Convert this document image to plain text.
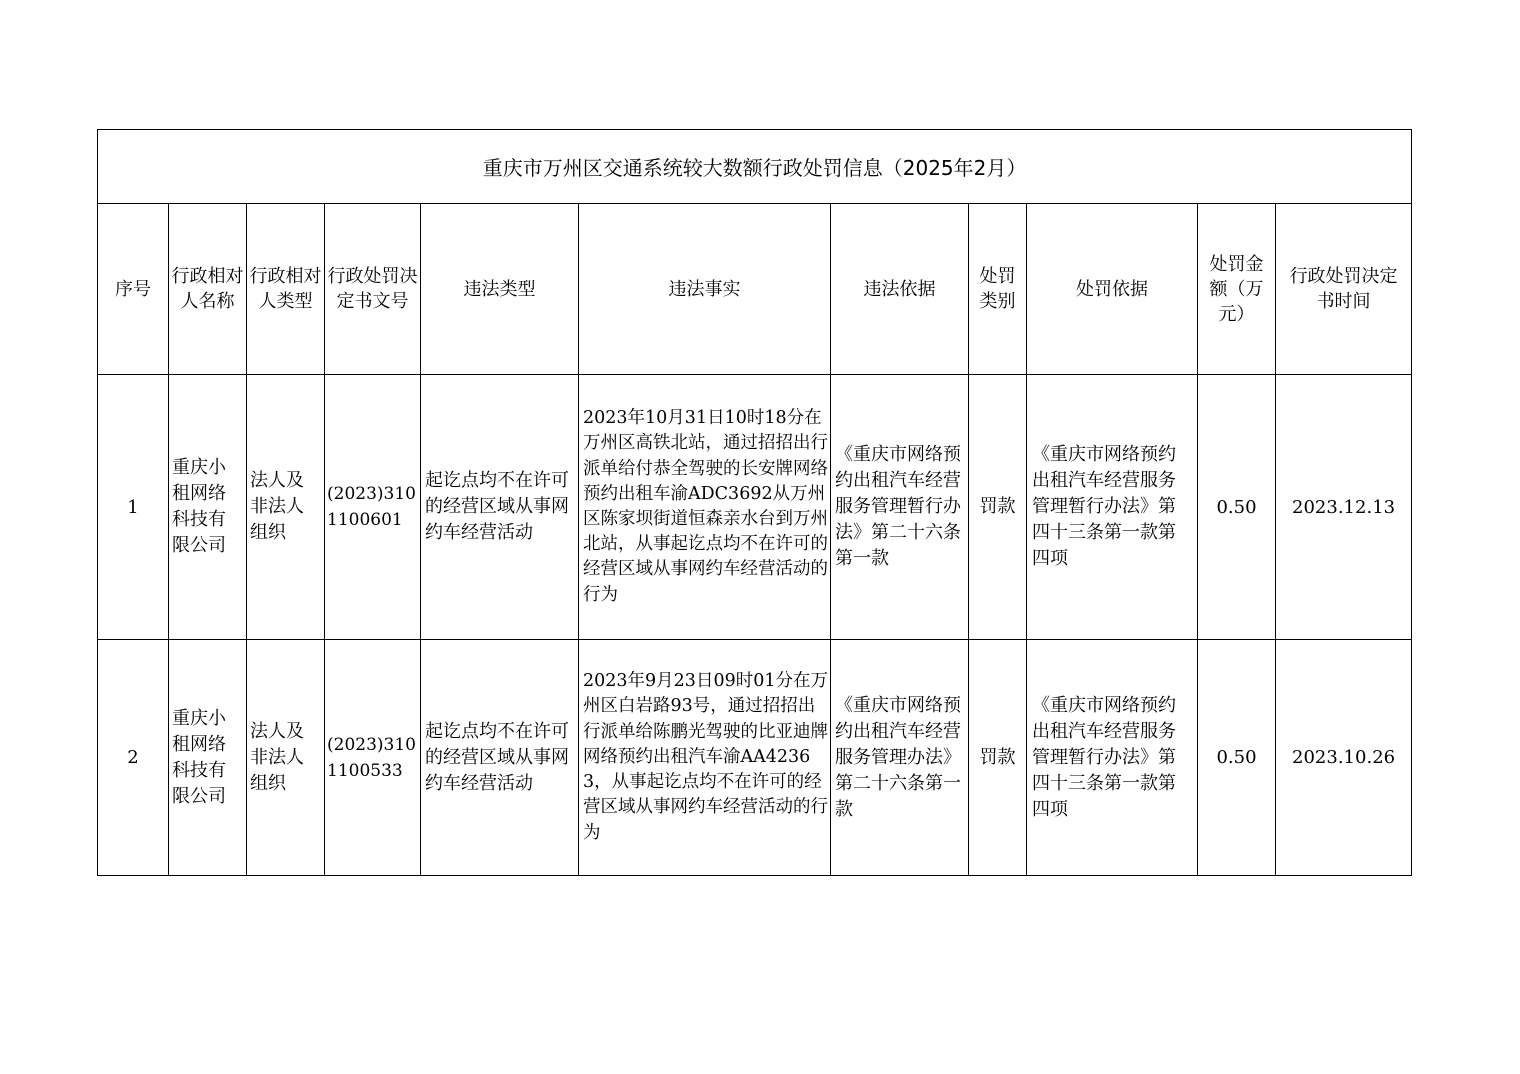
重庆市万州区交通系统较大数额行政处罚信息（2025年2月）										
序号	行政相对人名称	行政相对人类型	行政处罚决定书文号	违法类型	违法事实	违法依据	处罚类别	处罚依据	处罚金额（万元）	行政处罚决定书时间
1	重庆小租网络科技有限公司	法人及非法人组织	(2023)3101100601	起讫点均不在许可的经营区域从事网约车经营活动	2023年10月31日10时18分在万州区高铁北站，通过招招出行派单给付恭全驾驶的长安牌网络预约出租车渝ADC3692从万州区陈家坝街道恒森亲水台到万州北站，从事起讫点均不在许可的经营区域从事网约车经营活动的行为	《重庆市网络预约出租汽车经营服务管理暂行办法》第二十六条第一款	罚款	《重庆市网络预约出租汽车经营服务管理暂行办法》第四十三条第一款第四项	0.50	2023.12.13
2	重庆小租网络科技有限公司	法人及非法人组织	(2023)3101100533	起讫点均不在许可的经营区域从事网约车经营活动	2023年9月23日09时01分在万州区白岩路93号，通过招招出行派单给陈鹏光驾驶的比亚迪牌网络预约出租汽车渝AA42363，从事起讫点均不在许可的经营区域从事网约车经营活动的行为	《重庆市网络预约出租汽车经营服务管理办法》第二十六条第一款	罚款	《重庆市网络预约出租汽车经营服务管理暂行办法》第四十三条第一款第四项	0.50	2023.10.26
